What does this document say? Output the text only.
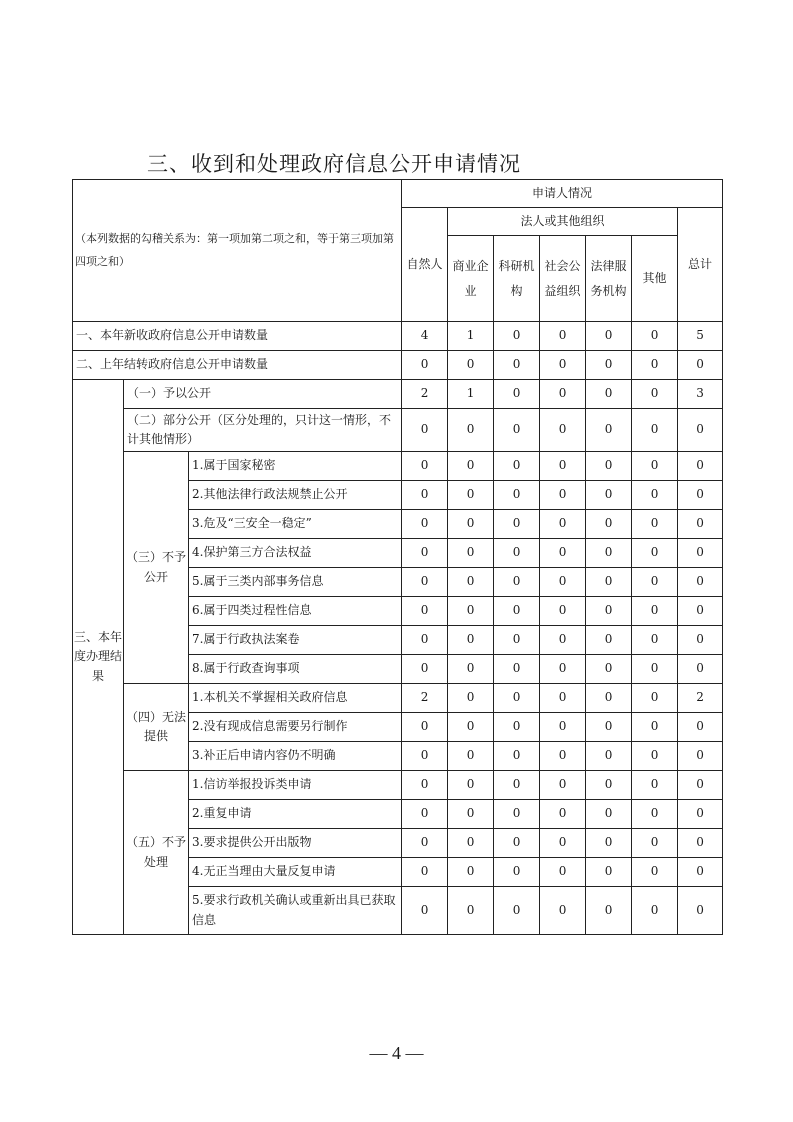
三、收到和处理政府信息公开申请情况
（本列数据的勾稽关系为：第一项加第二项之和，等于第三项加第四项之和）			申请人情况						
			自然人	法人或其他组织					总计
				商业企业	科研机构	社会公益组织	法律服务机构	其他	
一、本年新收政府信息公开申请数量			4	1	0	0	0	0	5
二、上年结转政府信息公开申请数量			0	0	0	0	0	0	0
三、本年度办理结果	（一）予以公开		2	1	0	0	0	0	3
	（二）部分公开（区分处理的，只计这一情形，不计其他情形）		0	0	0	0	0	0	0
	（三）不予公开	1.属于国家秘密	0	0	0	0	0	0	0
		2.其他法律行政法规禁止公开	0	0	0	0	0	0	0
		3.危及“三安全一稳定”	0	0	0	0	0	0	0
		4.保护第三方合法权益	0	0	0	0	0	0	0
		5.属于三类内部事务信息	0	0	0	0	0	0	0
		6.属于四类过程性信息	0	0	0	0	0	0	0
		7.属于行政执法案卷	0	0	0	0	0	0	0
		8.属于行政查询事项	0	0	0	0	0	0	0
	（四）无法提供	1.本机关不掌握相关政府信息	2	0	0	0	0	0	2
		2.没有现成信息需要另行制作	0	0	0	0	0	0	0
		3.补正后申请内容仍不明确	0	0	0	0	0	0	0
	（五）不予处理	1.信访举报投诉类申请	0	0	0	0	0	0	0
		2.重复申请	0	0	0	0	0	0	0
		3.要求提供公开出版物	0	0	0	0	0	0	0
		4.无正当理由大量反复申请	0	0	0	0	0	0	0
		5.要求行政机关确认或重新出具已获取信息	0	0	0	0	0	0	0
— 4 —
